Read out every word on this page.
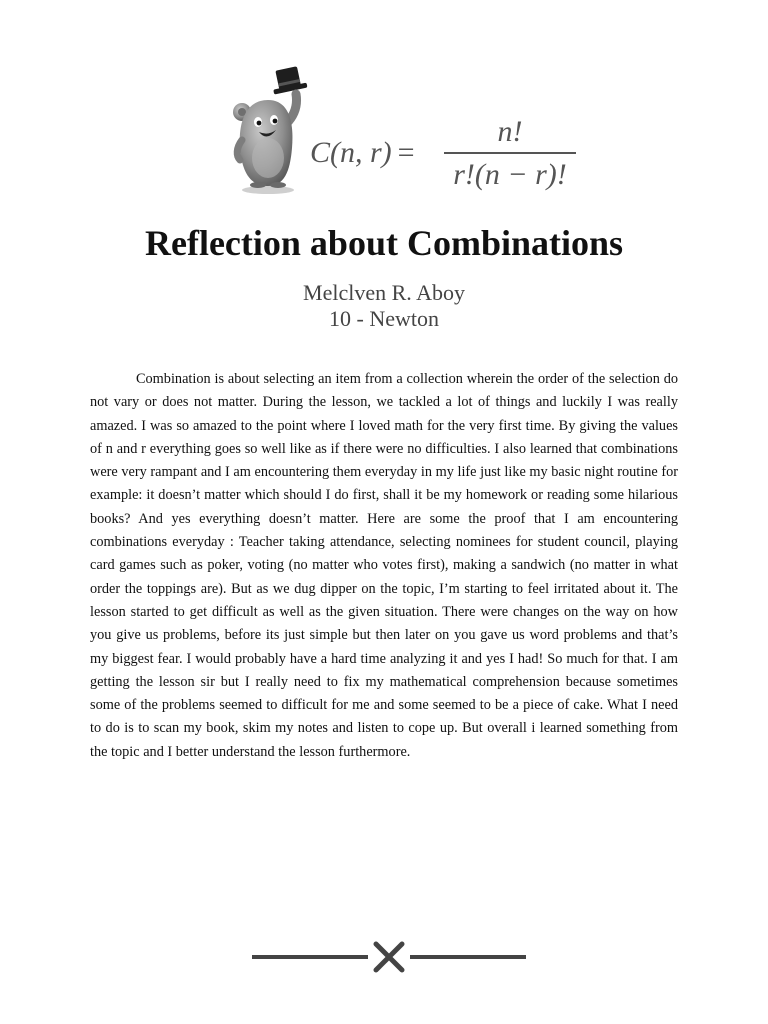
C(n, r) =
n!
r!(n − r)!
Reflection about Combinations
Melclven R. Aboy
10 - Newton

Combination is about selecting an item from a collection wherein the order of the selection do not vary or does not matter. During the lesson, we tackled a lot of things and luckily I was really amazed. I was so amazed to the point where I loved math for the very first time. By giving the values of n and r everything goes so well like as if there were no difficulties. I also learned that combinations were very rampant and I am encountering them everyday in my life just like my basic night routine for example: it doesn’t matter which should I do first, shall it be my homework or reading some hilarious books? And yes everything doesn’t matter. Here are some the proof that I am encountering combinations everyday : Teacher taking attendance, selecting nominees for student council, playing card games such as poker, voting (no matter who votes first), making a sandwich (no matter in what order the toppings are). But as we dug dipper on the topic, I’m starting to feel irritated about it. The lesson started to get difficult as well as the given situation. There were changes on the way on how you give us problems, before its just simple but then later on you gave us word problems and that’s my biggest fear. I would probably have a hard time analyzing it and yes I had! So much for that. I am getting the lesson sir but I really need to fix my mathematical comprehension because sometimes some of the problems seemed to difficult for me and some seemed to be a piece of cake. What I need to do is to scan my book, skim my notes and listen to cope up. But overall i learned something from the topic and I better understand the lesson furthermore.
